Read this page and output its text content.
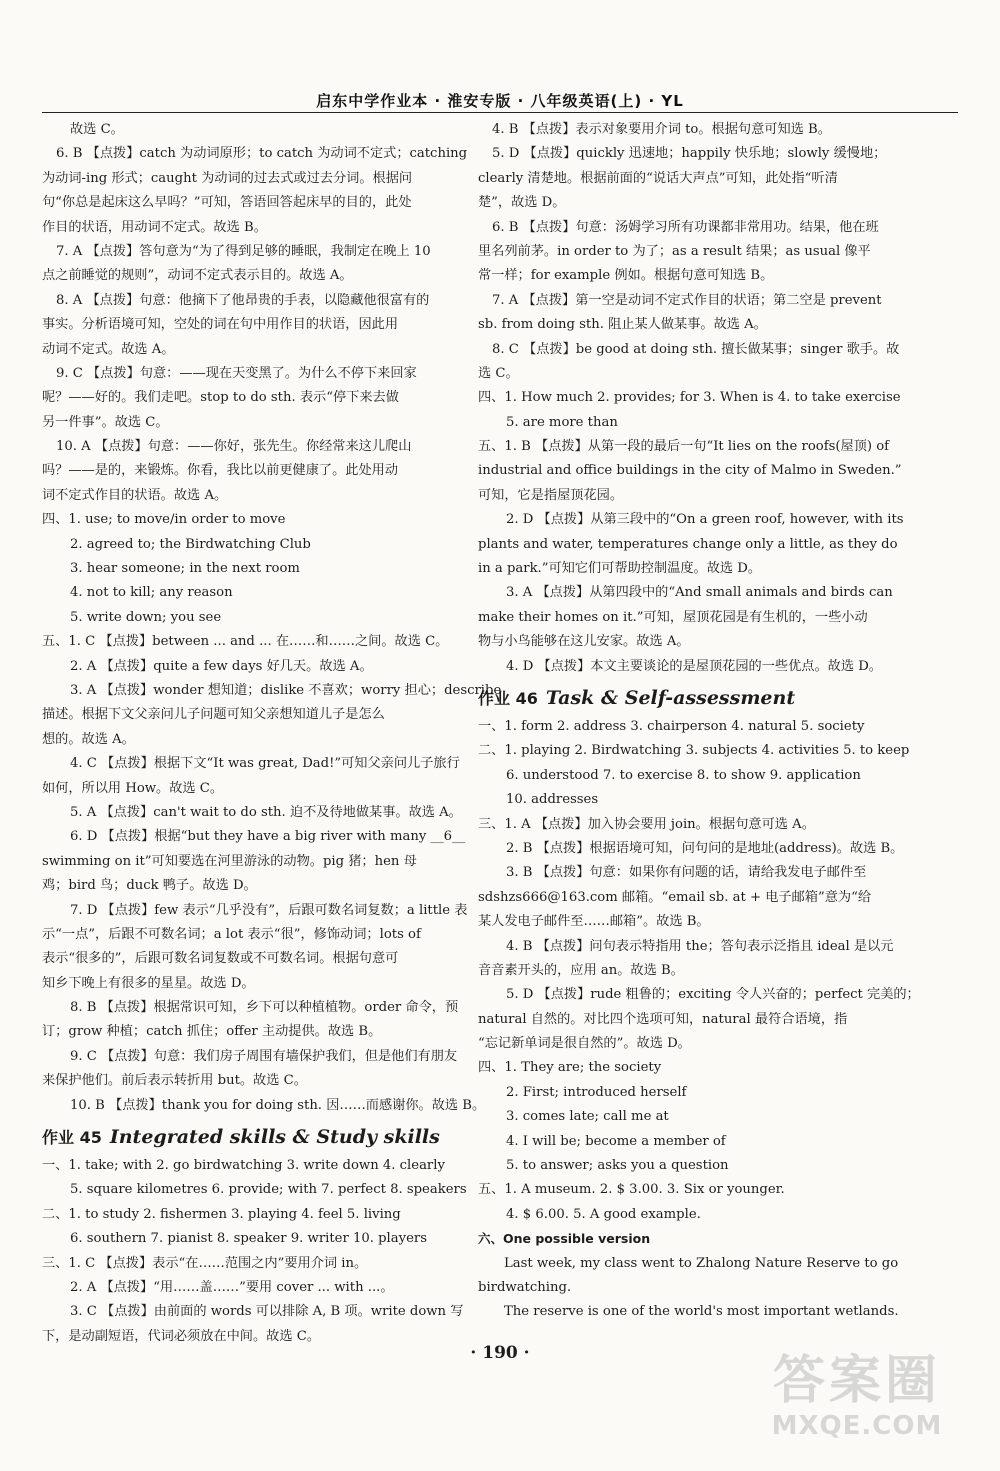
启东中学作业本 · 淮安专版 · 八年级英语(上) · YL
故选 C。
6. B 【点拨】catch 为动词原形；to catch 为动词不定式；catching
为动词-ing 形式；caught 为动词的过去式或过去分词。根据问
句“你总是起床这么早吗？”可知，答语回答起床早的目的，此处
作目的状语，用动词不定式。故选 B。
7. A 【点拨】答句意为“为了得到足够的睡眠，我制定在晚上 10
点之前睡觉的规则”，动词不定式表示目的。故选 A。
8. A 【点拨】句意：他摘下了他昂贵的手表，以隐藏他很富有的
事实。分析语境可知，空处的词在句中用作目的状语，因此用
动词不定式。故选 A。
9. C 【点拨】句意：——现在天变黑了。为什么不停下来回家
呢？——好的。我们走吧。stop to do sth. 表示“停下来去做
另一件事”。故选 C。
10. A 【点拨】句意：——你好，张先生。你经常来这儿爬山
吗？——是的，来锻炼。你看，我比以前更健康了。此处用动
词不定式作目的状语。故选 A。
四、1. use; to move/in order to move
2. agreed to; the Birdwatching Club
3. hear someone; in the next room
4. not to kill; any reason
5. write down; you see
五、1. C 【点拨】between ... and ... 在……和……之间。故选 C。
2. A 【点拨】quite a few days 好几天。故选 A。
3. A 【点拨】wonder 想知道；dislike 不喜欢；worry 担心；describe
描述。根据下文父亲问儿子问题可知父亲想知道儿子是怎么
想的。故选 A。
4. C 【点拨】根据下文“It was great, Dad!”可知父亲问儿子旅行
如何，所以用 How。故选 C。
5. A 【点拨】can't wait to do sth. 迫不及待地做某事。故选 A。
6. D 【点拨】根据“but they have a big river with many __6__
swimming on it”可知要选在河里游泳的动物。pig 猪；hen 母
鸡；bird 鸟；duck 鸭子。故选 D。
7. D 【点拨】few 表示“几乎没有”，后跟可数名词复数；a little 表
示“一点”，后跟不可数名词；a lot 表示“很”，修饰动词；lots of
表示“很多的”，后跟可数名词复数或不可数名词。根据句意可
知乡下晚上有很多的星星。故选 D。
8. B 【点拨】根据常识可知，乡下可以种植植物。order 命令，预
订；grow 种植；catch 抓住；offer 主动提供。故选 B。
9. C 【点拨】句意：我们房子周围有墙保护我们，但是他们有朋友
来保护他们。前后表示转折用 but。故选 C。
10. B 【点拨】thank you for doing sth. 因……而感谢你。故选 B。
作业 45 Integrated skills & Study skills
一、1. take; with 2. go birdwatching 3. write down 4. clearly
5. square kilometres 6. provide; with 7. perfect 8. speakers
二、1. to study 2. fishermen 3. playing 4. feel 5. living
6. southern 7. pianist 8. speaker 9. writer 10. players
三、1. C 【点拨】表示“在……范围之内”要用介词 in。
2. A 【点拨】“用……盖……”要用 cover ... with ...。
3. C 【点拨】由前面的 words 可以排除 A, B 项。write down 写
下，是动副短语，代词必须放在中间。故选 C。
4. B 【点拨】表示对象要用介词 to。根据句意可知选 B。
5. D 【点拨】quickly 迅速地；happily 快乐地；slowly 缓慢地；
clearly 清楚地。根据前面的“说话大声点”可知，此处指“听清
楚”，故选 D。
6. B 【点拨】句意：汤姆学习所有功课都非常用功。结果，他在班
里名列前茅。in order to 为了；as a result 结果；as usual 像平
常一样；for example 例如。根据句意可知选 B。
7. A 【点拨】第一空是动词不定式作目的状语；第二空是 prevent
sb. from doing sth. 阻止某人做某事。故选 A。
8. C 【点拨】be good at doing sth. 擅长做某事；singer 歌手。故
选 C。
四、1. How much 2. provides; for 3. When is 4. to take exercise
5. are more than
五、1. B 【点拨】从第一段的最后一句“It lies on the roofs(屋顶) of
industrial and office buildings in the city of Malmo in Sweden.”
可知，它是指屋顶花园。
2. D 【点拨】从第三段中的“On a green roof, however, with its
plants and water, temperatures change only a little, as they do
in a park.”可知它们可帮助控制温度。故选 D。
3. A 【点拨】从第四段中的“And small animals and birds can
make their homes on it.”可知，屋顶花园是有生机的，一些小动
物与小鸟能够在这儿安家。故选 A。
4. D 【点拨】本文主要谈论的是屋顶花园的一些优点。故选 D。
作业 46 Task & Self-assessment
一、1. form 2. address 3. chairperson 4. natural 5. society
二、1. playing 2. Birdwatching 3. subjects 4. activities 5. to keep
6. understood 7. to exercise 8. to show 9. application
10. addresses
三、1. A 【点拨】加入协会要用 join。根据句意可选 A。
2. B 【点拨】根据语境可知，问句问的是地址(address)。故选 B。
3. B 【点拨】句意：如果你有问题的话，请给我发电子邮件至
sdshzs666@163.com 邮箱。“email sb. at + 电子邮箱”意为“给
某人发电子邮件至……邮箱”。故选 B。
4. B 【点拨】问句表示特指用 the；答句表示泛指且 ideal 是以元
音音素开头的，应用 an。故选 B。
5. D 【点拨】rude 粗鲁的；exciting 令人兴奋的；perfect 完美的；
natural 自然的。对比四个选项可知，natural 最符合语境，指
“忘记新单词是很自然的”。故选 D。
四、1. They are; the society
2. First; introduced herself
3. comes late; call me at
4. I will be; become a member of
5. to answer; asks you a question
五、1. A museum. 2. $ 3.00. 3. Six or younger.
4. $ 6.00. 5. A good example.
六、One possible version
Last week, my class went to Zhalong Nature Reserve to go birdwatching.
The reserve is one of the world's most important wetlands.
· 190 ·	答案圈
MXQE.COM
